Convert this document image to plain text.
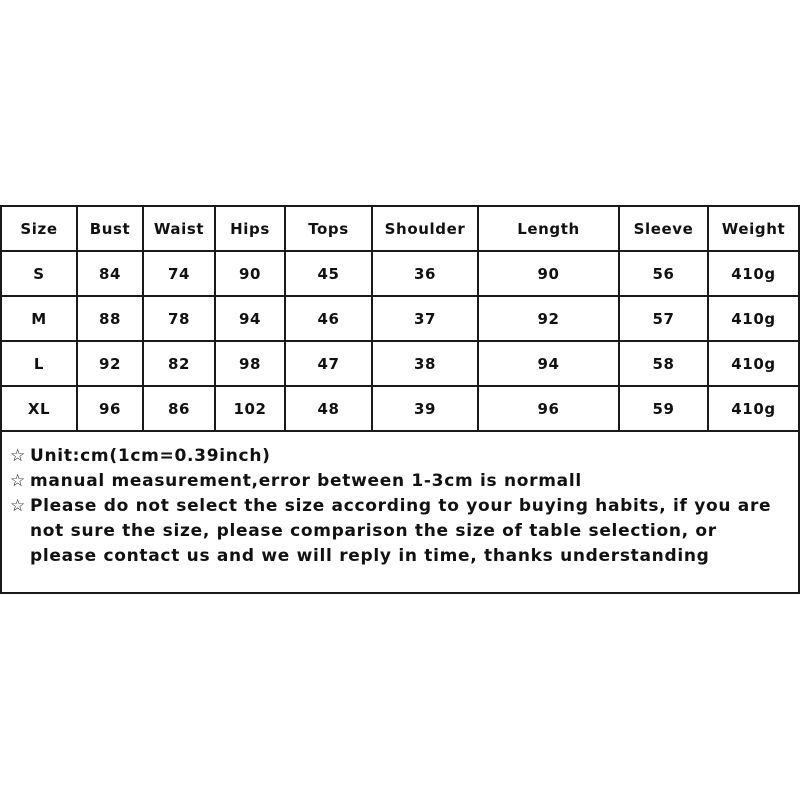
Size	Bust	Waist	Hips	Tops	Shoulder	Length	Sleeve	Weight
S	84	74	90	45	36	90	56	410g
M	88	78	94	46	37	92	57	410g
L	92	82	98	47	38	94	58	410g
XL	96	86	102	48	39	96	59	410g
☆ Unit:cm(1cm=0.39inch)
☆ manual measurement,error between 1-3cm is normall
☆ Please do not select the size according to your buying habits, if you are not sure the size, please comparison the size of table selection, or please contact us and we will reply in time, thanks understanding
